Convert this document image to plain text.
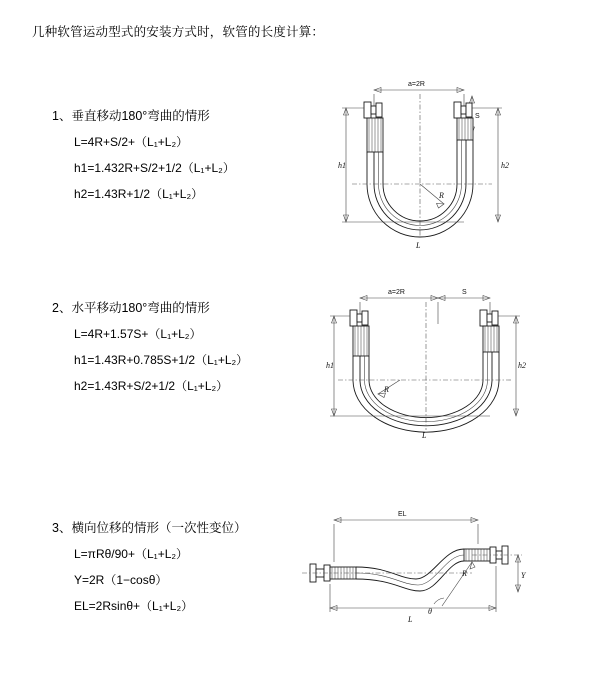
几种软管运动型式的安装方式时，软管的长度计算：
1、垂直移动180°弯曲的情形
L=4R+S/2+（L₁+L₂）
h1=1.432R+S/2+1/2（L₁+L₂）
h2=1.43R+1/2（L₁+L₂）
a=2R
S
R
h1	h2
L
2、水平移动180°弯曲的情形
L=4R+1.57S+（L₁+L₂）
h1=1.43R+0.785S+1/2（L₁+L₂）
h2=1.43R+S/2+1/2（L₁+L₂）
a=2R	S
R
h1	h2
L
3、横向位移的情形（一次性变位）
L=πRθ/90+（L₁+L₂）
Y=2R（1−cosθ）
EL=2Rsinθ+（L₁+L₂）
EL
Y
L
R
θ
